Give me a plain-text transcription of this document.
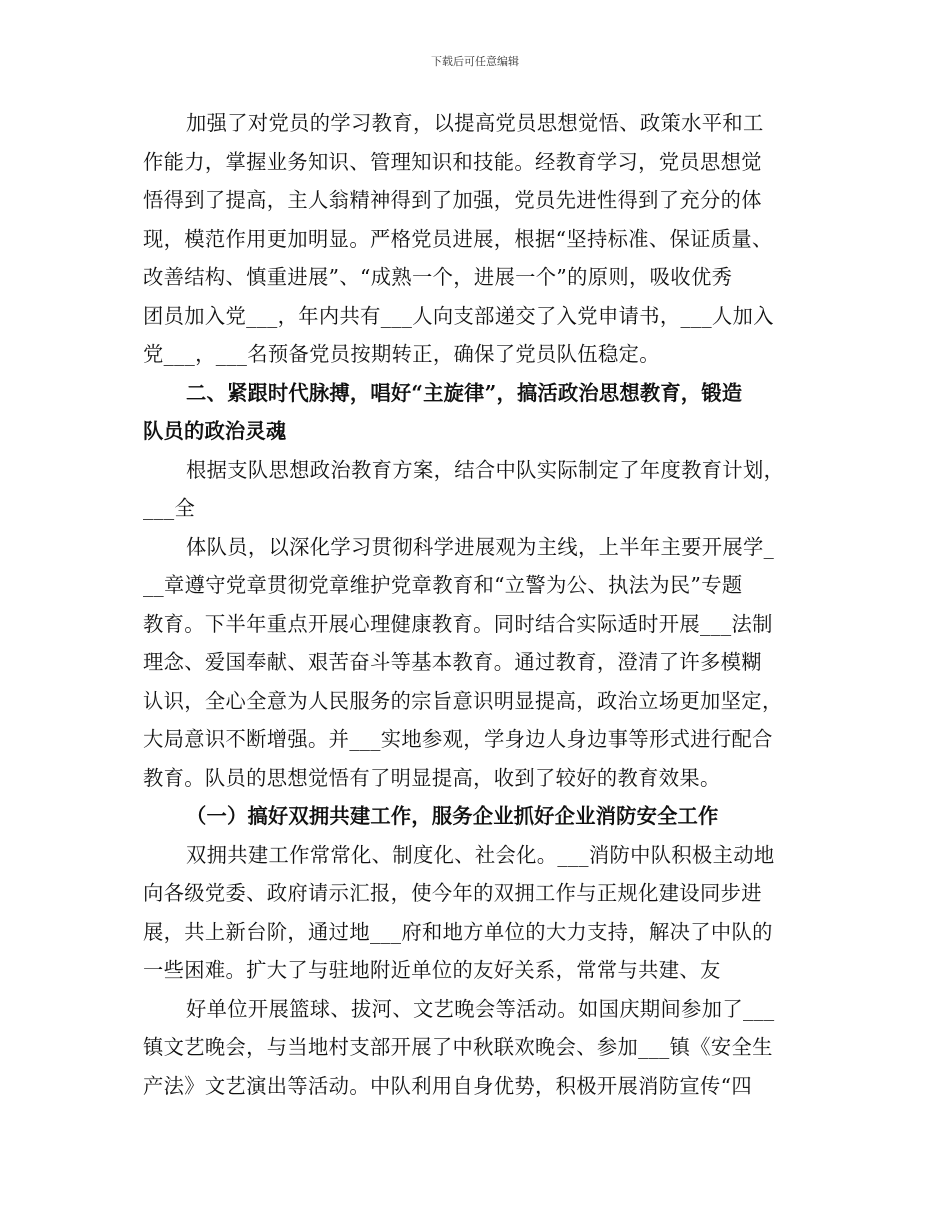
下载后可任意编辑
加强了对党员的学习教育，以提高党员思想觉悟、政策水平和工
作能力，掌握业务知识、管理知识和技能。经教育学习，党员思想觉
悟得到了提高，主人翁精神得到了加强，党员先进性得到了充分的体
现，模范作用更加明显。严格党员进展，根据“坚持标准、保证质量、
改善结构、慎重进展”、“成熟一个，进展一个”的原则，吸收优秀
团员加入党___，年内共有___人向支部递交了入党申请书，___人加入
党___，___名预备党员按期转正，确保了党员队伍稳定。
二、紧跟时代脉搏，唱好“主旋律”，搞活政治思想教育，锻造
队员的政治灵魂
根据支队思想政治教育方案，结合中队实际制定了年度教育计划，
___全
体队员，以深化学习贯彻科学进展观为主线，上半年主要开展学_
__章遵守党章贯彻党章维护党章教育和“立警为公、执法为民”专题
教育。下半年重点开展心理健康教育。同时结合实际适时开展___法制
理念、爱国奉献、艰苦奋斗等基本教育。通过教育，澄清了许多模糊
认识，全心全意为人民服务的宗旨意识明显提高，政治立场更加坚定，
大局意识不断增强。并___实地参观，学身边人身边事等形式进行配合
教育。队员的思想觉悟有了明显提高，收到了较好的教育效果。
（一）搞好双拥共建工作，服务企业抓好企业消防安全工作
双拥共建工作常常化、制度化、社会化。___消防中队积极主动地
向各级党委、政府请示汇报，使今年的双拥工作与正规化建设同步进
展，共上新台阶，通过地___府和地方单位的大力支持，解决了中队的
一些困难。扩大了与驻地附近单位的友好关系，常常与共建、友
好单位开展篮球、拔河、文艺晚会等活动。如国庆期间参加了___
镇文艺晚会，与当地村支部开展了中秋联欢晚会、参加___镇《安全生
产法》文艺演出等活动。中队利用自身优势，积极开展消防宣传“四
